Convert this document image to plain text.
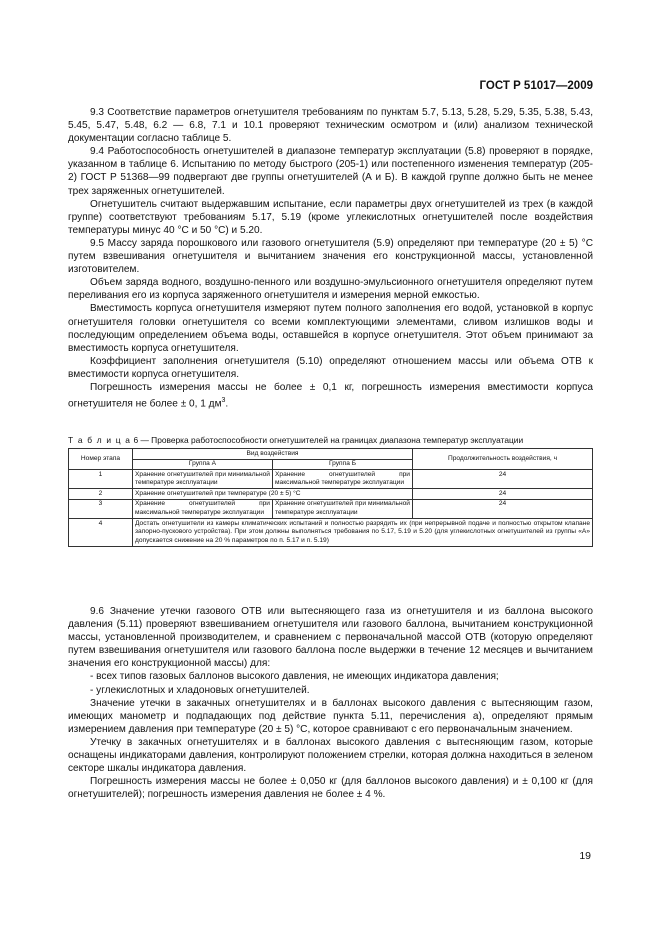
ГОСТ Р 51017—2009

9.3 Соответствие параметров огнетушителя требованиям по пунктам 5.7, 5.13, 5.28, 5.29, 5.35, 5.38, 5.43, 5.45, 5.47, 5.48, 6.2 — 6.8, 7.1 и 10.1 проверяют техническим осмотром и (или) анализом технической документации согласно таблице 5.

9.4 Работоспособность огнетушителей в диапазоне температур эксплуатации (5.8) проверяют в порядке, указанном в таблице 6. Испытанию по методу быстрого (205-1) или постепенного изменения температур (205-2) ГОСТ Р 51368—99 подвергают две группы огнетушителей (А и Б). В каждой группе должно быть не менее трех заряженных огнетушителей.

Огнетушитель считают выдержавшим испытание, если параметры двух огнетушителей из трех (в каждой группе) соответствуют требованиям 5.17, 5.19 (кроме углекислотных огнетушителей после воздействия температуры минус 40 °С и 50 °С) и 5.20.

9.5 Массу заряда порошкового или газового огнетушителя (5.9) определяют при температуре (20 ± 5) °С путем взвешивания огнетушителя и вычитанием значения его конструкционной массы, установленной изготовителем.

Объем заряда водного, воздушно-пенного или воздушно-эмульсионного огнетушителя определяют путем переливания его из корпуса заряженного огнетушителя и измерения мерной емкостью.

Вместимость корпуса огнетушителя измеряют путем полного заполнения его водой, установкой в корпус огнетушителя головки огнетушителя со всеми комплектующими элементами, сливом излишков воды и последующим определением объема воды, оставшейся в корпусе огнетушителя. Этот объем принимают за вместимость корпуса огнетушителя.

Коэффициент заполнения огнетушителя (5.10) определяют отношением массы или объема ОТВ к вместимости корпуса огнетушителя.

Погрешность измерения массы не более ± 0,1 кг, погрешность измерения вместимости корпуса огнетушителя не более ± 0, 1 $дм^3$.

Т а б л и ц а 6 — Проверка работоспособности огнетушителей на границах диапазона температур эксплуатации
Номер этапа	Вид воздействия		Продолжительность воздействия, ч
	Группа А	Группа Б	
1	Хранение огнетушителей при минимальной температуре эксплуатации	Хранение огнетушителей при максимальной температуре эксплуатации	24
2	Хранение огнетушителей при температуре (20 ± 5) °С		24
3	Хранение огнетушителей при максимальной температуре эксплуатации	Хранение огнетушителей при минимальной температуре эксплуатации	24
4	Достать огнетушители из камеры климатических испытаний и полностью разрядить их (при непрерывной подаче и полностью открытом клапане запорно-пускового устройства). При этом должны выполняться требования по 5.17, 5.19 и 5.20 (для углекислотных огнетушителей из группы «А» допускается снижение на 20 % параметров по п. 5.17 и п. 5.19)		

9.6 Значение утечки газового ОТВ или вытесняющего газа из огнетушителя и из баллона высокого давления (5.11) проверяют взвешиванием огнетушителя или газового баллона, вычитанием конструкционной массы, установленной производителем, и сравнением с первоначальной массой ОТВ (которую определяют путем взвешивания огнетушителя или газового баллона после выдержки в течение 12 месяцев и вычитанием значения его конструкционной массы) для:

- всех типов газовых баллонов высокого давления, не имеющих индикатора давления;

- углекислотных и хладоновых огнетушителей.

Значение утечки в закачных огнетушителях и в баллонах высокого давления с вытесняющим газом, имеющих манометр и подпадающих под действие пункта 5.11, перечисления а), определяют прямым измерением давления при температуре (20 ± 5) °С, которое сравнивают с его первоначальным значением.

Утечку в закачных огнетушителях и в баллонах высокого давления с вытесняющим газом, которые оснащены индикаторами давления, контролируют положением стрелки, которая должна находиться в зеленом секторе шкалы индикатора давления.

Погрешность измерения массы не более ± 0,050 кг (для баллонов высокого давления) и ± 0,100 кг (для огнетушителей); погрешность измерения давления не более ± 4 %.

19
